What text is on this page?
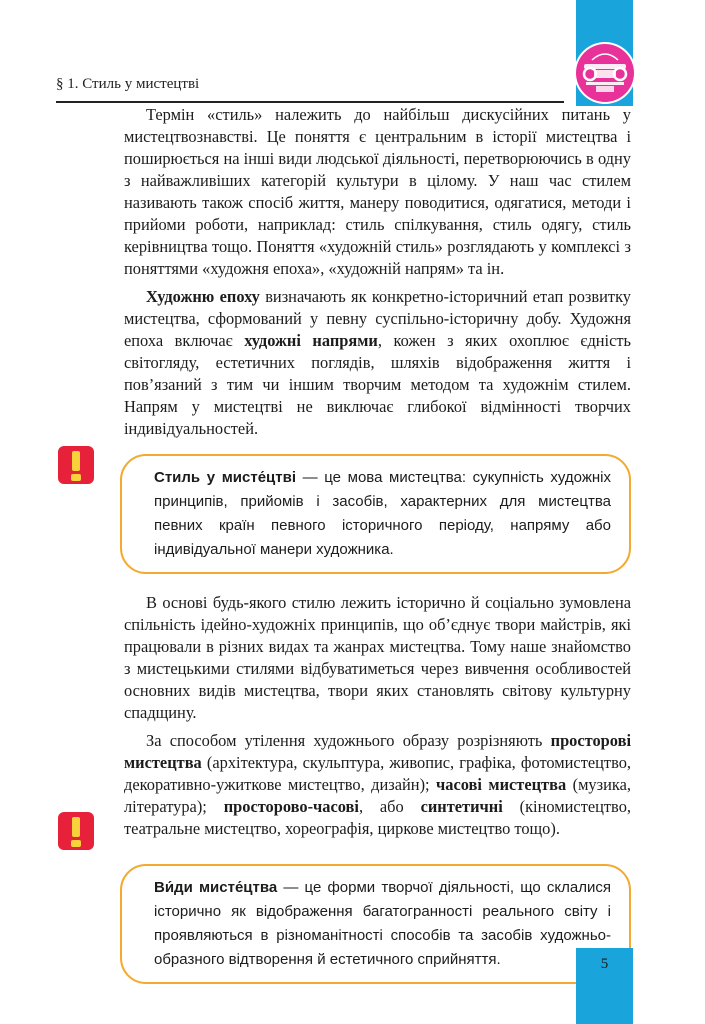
§ 1. Стиль у мистецтві

Термін «стиль» належить до найбільш дискусійних питань у мистецтвознавстві. Це поняття є центральним в історії мистецтва і поширюється на інші види людської діяльності, перетворюючись в одну з найважливіших категорій культури в цілому. У наш час стилем називають також спосіб життя, манеру поводитися, одягатися, методи і прийоми роботи, наприклад: стиль спілкування, стиль одягу, стиль керівництва тощо. Поняття «художній стиль» розглядають у комплексі з поняттями «художня епоха», «художній напрям» та ін.

Художню епоху визначають як конкретно-історичний етап розвитку мистецтва, сформований у певну суспільно-історичну добу. Художня епоха включає художні напрями, кожен з яких охоплює єдність світогляду, естетичних поглядів, шляхів відображення життя і пов’язаний з тим чи іншим творчим методом та художнім стилем. Напрям у мистецтві не виключає глибокої відмінності творчих індивідуальностей.

Стиль у мисте́цтві — це мова мистецтва: сукупність художніх принципів, прийомів і засобів, характерних для мистецтва певних країн певного історичного періоду, напряму або індивідуальної манери художника.

В основі будь-якого стилю лежить історично й соціально зумовлена спільність ідейно-художніх принципів, що об’єднує твори майстрів, які працювали в різних видах та жанрах мистецтва. Тому наше знайомство з мистецькими стилями відбуватиметься через вивчення особливостей основних видів мистецтва, твори яких становлять світову культурну спадщину.

За способом утілення художнього образу розрізняють просторові мистецтва (архітектура, скульптура, живопис, графіка, фотомистецтво, декоративно-ужиткове мистецтво, дизайн); часові мистецтва (музика, література); просторово-часові, або синтетичні (кіномистецтво, театральне мистецтво, хореографія, циркове мистецтво тощо).

Ви́ди мисте́цтва — це форми творчої діяльності, що склалися історично як відображення багатогранності реального світу і проявляються в різноманітності способів та засобів художньо-образного відтворення й естетичного сприйняття.	5
